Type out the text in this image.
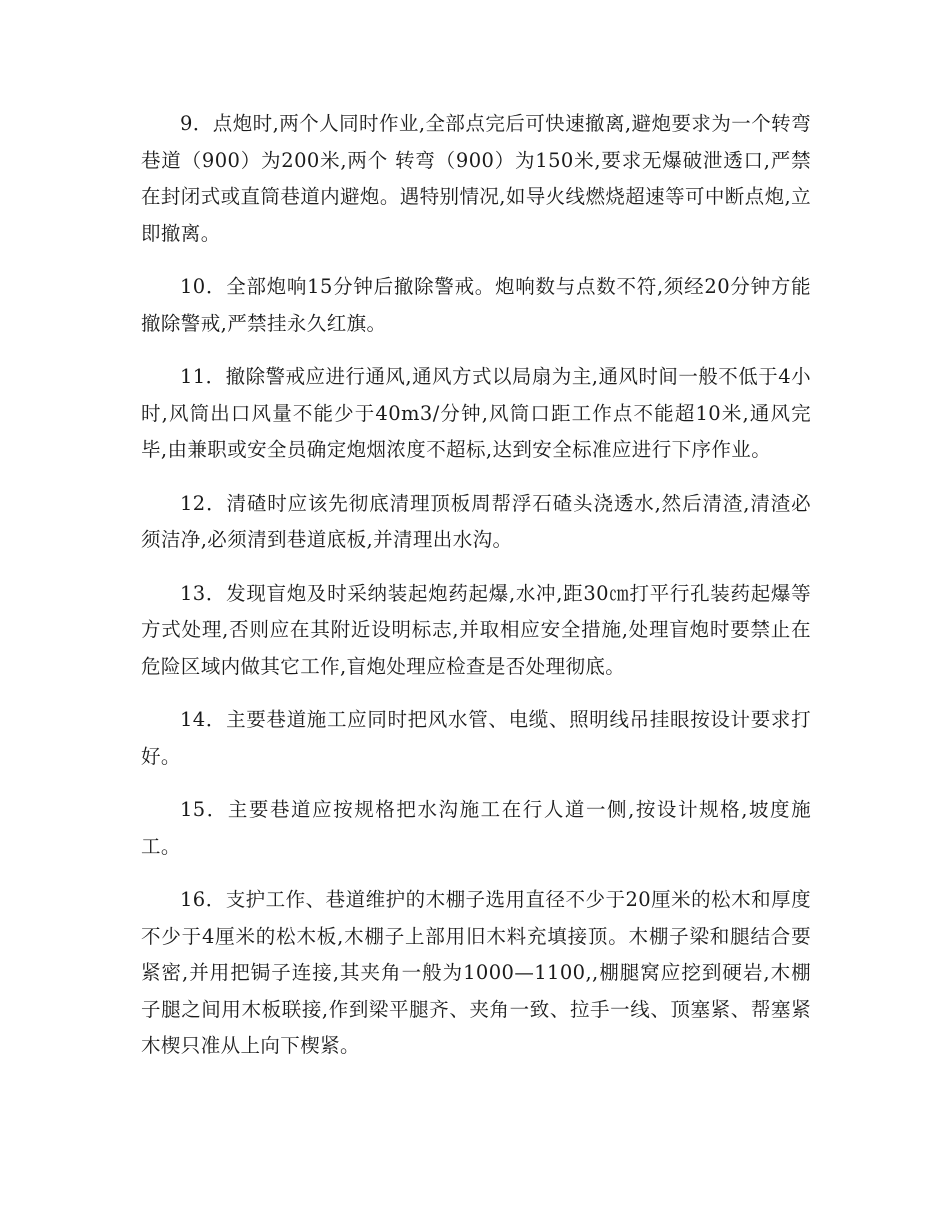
9．点炮时,两个人同时作业,全部点完后可快速撤离,避炮要求为一个转弯巷道（900）为200米,两个 转弯（900）为150米,要求无爆破泄透口,严禁在封闭式或直筒巷道内避炮。遇特别情况,如导火线燃烧超速等可中断点炮,立即撤离。

10．全部炮响15分钟后撤除警戒。炮响数与点数不符,须经20分钟方能撤除警戒,严禁挂永久红旗。

11．撤除警戒应进行通风,通风方式以局扇为主,通风时间一般不低于4小时,风筒出口风量不能少于40m3/分钟,风筒口距工作点不能超10米,通风完毕,由兼职或安全员确定炮烟浓度不超标,达到安全标准应进行下序作业。

12．清碴时应该先彻底清理顶板周帮浮石碴头浇透水,然后清渣,清渣必须洁净,必须清到巷道底板,并清理出水沟。

13．发现盲炮及时采纳装起炮药起爆,水冲,距30㎝打平行孔装药起爆等方式处理,否则应在其附近设明标志,并取相应安全措施,处理盲炮时要禁止在危险区域内做其它工作,盲炮处理应检查是否处理彻底。

14．主要巷道施工应同时把风水管、电缆、照明线吊挂眼按设计要求打好。

15．主要巷道应按规格把水沟施工在行人道一侧,按设计规格,坡度施工。

16．支护工作、巷道维护的木棚子选用直径不少于20厘米的松木和厚度不少于4厘米的松木板,木棚子上部用旧木料充填接顶。木棚子梁和腿结合要紧密,并用把锔子连接,其夹角一般为1000—1100,,棚腿窝应挖到硬岩,木棚子腿之间用木板联接,作到梁平腿齐、夹角一致、拉手一线、顶塞紧、帮塞紧木楔只准从上向下楔紧。
